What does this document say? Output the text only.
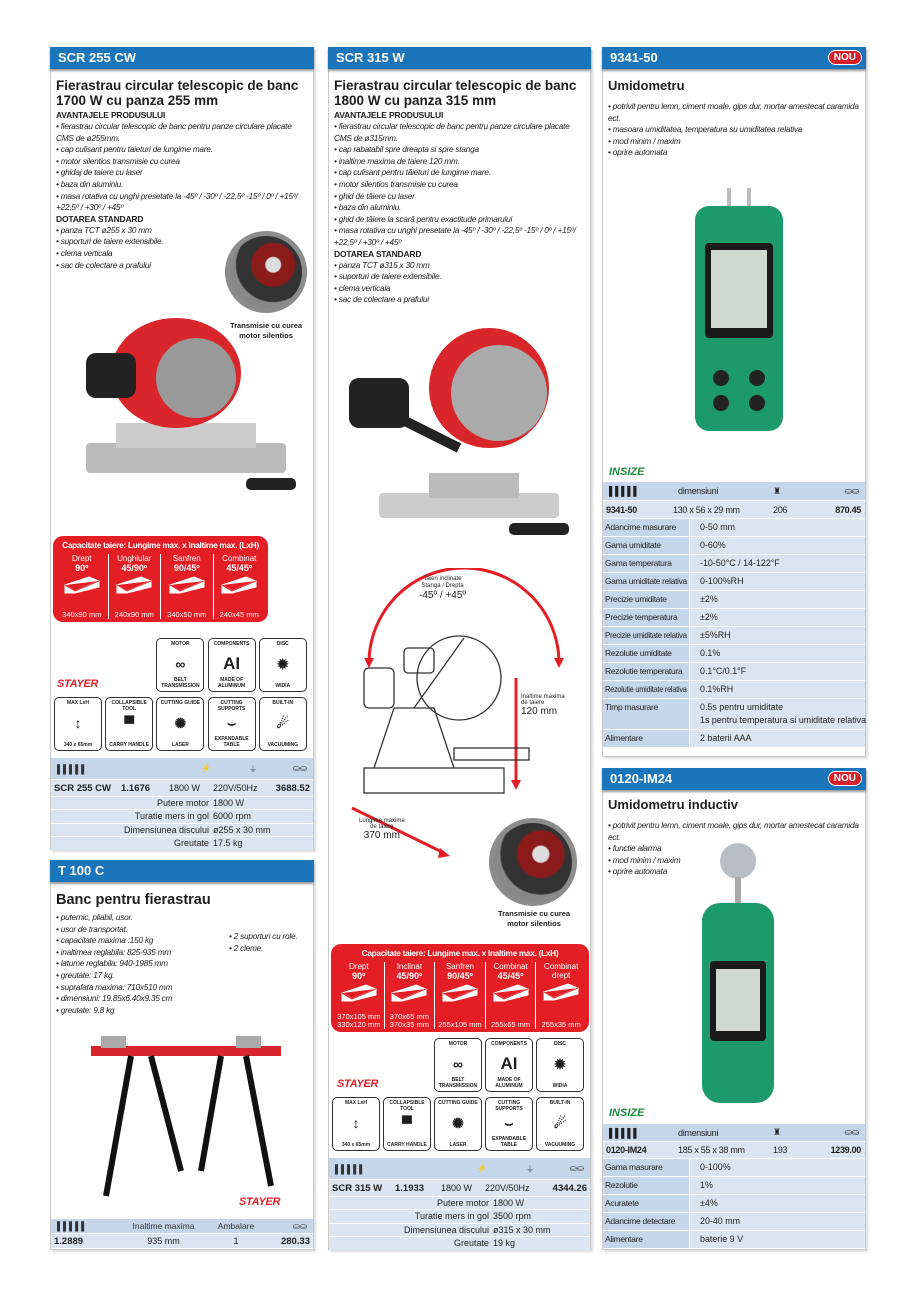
SCR 255 CW
Fierastrau circular telescopic de banc
1700 W cu panza 255 mm
AVANTAJELE PRODUSULUI
• fierastrau circular telescopic de banc pentru panze circulare placate CMS de ø255mm.
• cap culisant pentru taieturi de lungime mare.
• motor silentios transmisie cu curea
• ghidaj de taiere cu laser
• baza din aluminiu.
• masa rotativa cu unghi presetate la -45º / -30º / -22,5º -15º / 0º / +15º/ +22,5º / +30º / +45º
DOTAREA STANDARD
• panza TCT ø255 x 30 mm
• suporturi de taiere extensibile.
• clema verticala
• sac de colectare a prafului
Transmisie cu curea
motor silentios
Capacitate taiere: Lungime max. x Inaltime max. (LxH)
Drept
90º
340x90 mm
Unghiular
45/90º
240x90 mm
Sanfren
90/45º
340x50 mm
Combinat
45/45º
240x45 mm
STAYER
MOTOR
∞
BELT TRANSMISSION
COMPONENTS
AI
MADE OF ALUMINUM
DISC
✹
WIDIA
MAX LxH
↕
340 x 65mm
COLLAPSIBLE TOOL
▀
CARRY HANDLE
CUTTING GUIDE
✺
LASER
CUTTING SUPPORTS
⌣
EXPANDABLE TABLE
BUILT-IN
☄
VACUUMING
▌▌▌▌▌	⚡	⏚	⛀⛀
SCR 255 CW	1.1676	1800 W	220V/50Hz	3688.52
Putere motor 1800 W
Turatie mers in gol 6000 rpm
Dimensiunea discului ø255 x 30 mm
Greutate 17.5 kg
T 100 C
Banc pentru fierastrau
• puternic, pliabil, usor.
• usor de transportat.
• capacitate maxima :150 kg
• inaltimea reglabila: 825-935 mm
• latume reglabila: 940-1985 mm
• greutate: 17 kg.
• suprafata maxima: 710x510 mm
• dimensiuni: 19.85x6.40x9.35 cm
• greutate: 9.8 kg
• 2 suporturi cu role.
• 2 cleme.
STAYER
▌▌▌▌▌	Inaltime maxima	Ambalare	⛀⛀
1.2889	935 mm	1	280.33
SCR 315 W
Fierastrau circular telescopic de banc
1800 W cu panza 315 mm
AVANTAJELE PRODUSULUI
• fierastrau circular telescopic de banc pentru panze circulare placate CMS de ø315mm.
• cap rabatabil spre dreapta si spre stanga
• inaltime maxima de taiere 120 mm.
• cap culisant pentru tăieturi de lungime mare.
• motor silentios transmisie cu curea
• ghid de tăiere cu laser
• baza din aluminiu.
• ghid de tăiere la scară pentru exactitude primarului
• masa rotativa cu unghi presetate la -45º / -30º / -22,5º -15º / 0º / +15º/ +22,5º / +30º / +45º
DOTAREA STANDARD
• panza TCT ø315 x 30 mm
• suporturi de taiere extensibile.
• clema verticala
• sac de colectare a prafului
Taieri inclinate
Stanga / Drepta
-45º / +45º
Inaltime maxima
de taiere
120 mm
Lungime maxima
de taiere
370 mm
Transmisie cu curea
motor silentios
Capacitate taiere: Lungime max. x Inaltime max. (LxH)
Drept
90º
370x105 mm
330x120 mm
Inclinat
45/90º
370x65 mm
370x35 mm
Sanfren
90/45º
255x105 mm
Combinat
45/45º
255x65 mm
Combinat drept
255x35 mm
STAYER
MOTOR
∞
BELT TRANSMISSION
COMPONENTS
AI
MADE OF ALUMINUM
DISC
✹
WIDIA
MAX LxH
↕
340 x 65mm
COLLAPSIBLE TOOL
▀
CARRY HANDLE
CUTTING GUIDE
✺
LASER
CUTTING SUPPORTS
⌣
EXPANDABLE TABLE
BUILT-IN
☄
VACUUMING
▌▌▌▌▌	⚡	⏚	⛀⛀
SCR 315 W	1.1933	1800 W	220V/50Hz	4344.26
Putere motor 1800 W
Turatie mers in gol 3500 rpm
Dimensiunea discului ø315 x 30 mm
Greutate 19 kg
9341-50	NOU
Umidometru
• potrivit pentru lemn, ciment moale, gips dur, mortar amestecat caramida ect.
• masoara umiditatea, temperatura su umiditatea relativa
• mod minim / maxim
• oprire automata
INSIZE
▌▌▌▌▌	dimensiuni	♜	⛀⛀
9341-50	130 x 56 x 29 mm	206	870.45
Adancime masurare	0-50 mm
Gama umiditate	0-60%
Gama temperatura	-10-50°C / 14-122°F
Gama umiditate relativa	0-100%RH
Precizie umiditate	±2%
Precizie temperatura	±2%
Precizie umiditate relativa	±5%RH
Rezolutie umiditate	0.1%
Rezolutie temperatura	0.1°C/0.1°F
Rezolutie umiditate relativa	0.1%RH
Timp masurare	0.5s pentru umiditate
1s pentru temperatura si umiditate relativa
Alimentare	2 baterii AAA
0120-IM24	NOU
Umidometru inductiv
• potrivit pentru lemn, ciment moale, gips dur, mortar amestecat caramida ect.
• functie alarma
• mod minim / maxim
• oprire automata
INSIZE
▌▌▌▌▌	dimensiuni	♜	⛀⛀
0120-IM24	185 x 55 x 38 mm	193	1239.00
Gama masurare	0-100%
Rezolutie	1%
Acuratete	±4%
Adancime detectare	20-40 mm
Alimentare	baterie 9 V
